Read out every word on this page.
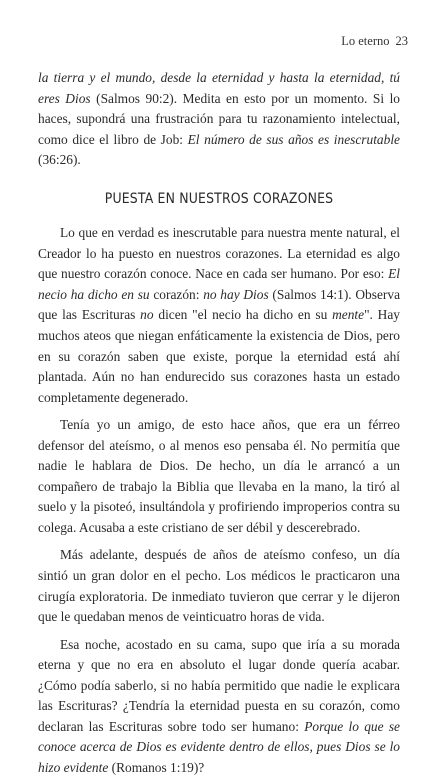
Lo eterno 23

la tierra y el mundo, desde la eternidad y hasta la eternidad, tú eres Dios (Salmos 90:2). Medita en esto por un momento. Si lo haces, supondrá una frustración para tu razonamiento intelectual, como dice el libro de Job: El número de sus años es inescrutable (36:26).

PUESTA EN NUESTROS CORAZONES

Lo que en verdad es inescrutable para nuestra mente natural, el Creador lo ha puesto en nuestros corazones. La eternidad es algo que nuestro corazón conoce. Nace en cada ser humano. Por eso: El necio ha dicho en su corazón: no hay Dios (Salmos 14:1). Observa que las Escrituras no dicen "el necio ha dicho en su mente". Hay muchos ateos que niegan enfáticamente la existencia de Dios, pero en su corazón saben que existe, porque la eternidad está ahí plantada. Aún no han endurecido sus corazones hasta un estado completamente degenerado.

Tenía yo un amigo, de esto hace años, que era un férreo defensor del ateísmo, o al menos eso pensaba él. No permitía que nadie le hablara de Dios. De hecho, un día le arrancó a un compañero de trabajo la Biblia que llevaba en la mano, la tiró al suelo y la pisoteó, insultándola y profiriendo improperios contra su colega. Acusaba a este cristiano de ser débil y descerebrado.

Más adelante, después de años de ateísmo confeso, un día sintió un gran dolor en el pecho. Los médicos le practicaron una cirugía exploratoria. De inmediato tuvieron que cerrar y le dijeron que le quedaban menos de veinticuatro horas de vida.

Esa noche, acostado en su cama, supo que iría a su morada eterna y que no era en absoluto el lugar donde quería acabar. ¿Cómo podía saberlo, si no había permitido que nadie le explicara las Escrituras? ¿Tendría la eternidad puesta en su corazón, como declaran las Escrituras sobre todo ser humano: Porque lo que se conoce acerca de Dios es evidente dentro de ellos, pues Dios se lo hizo evidente (Romanos 1:19)?
